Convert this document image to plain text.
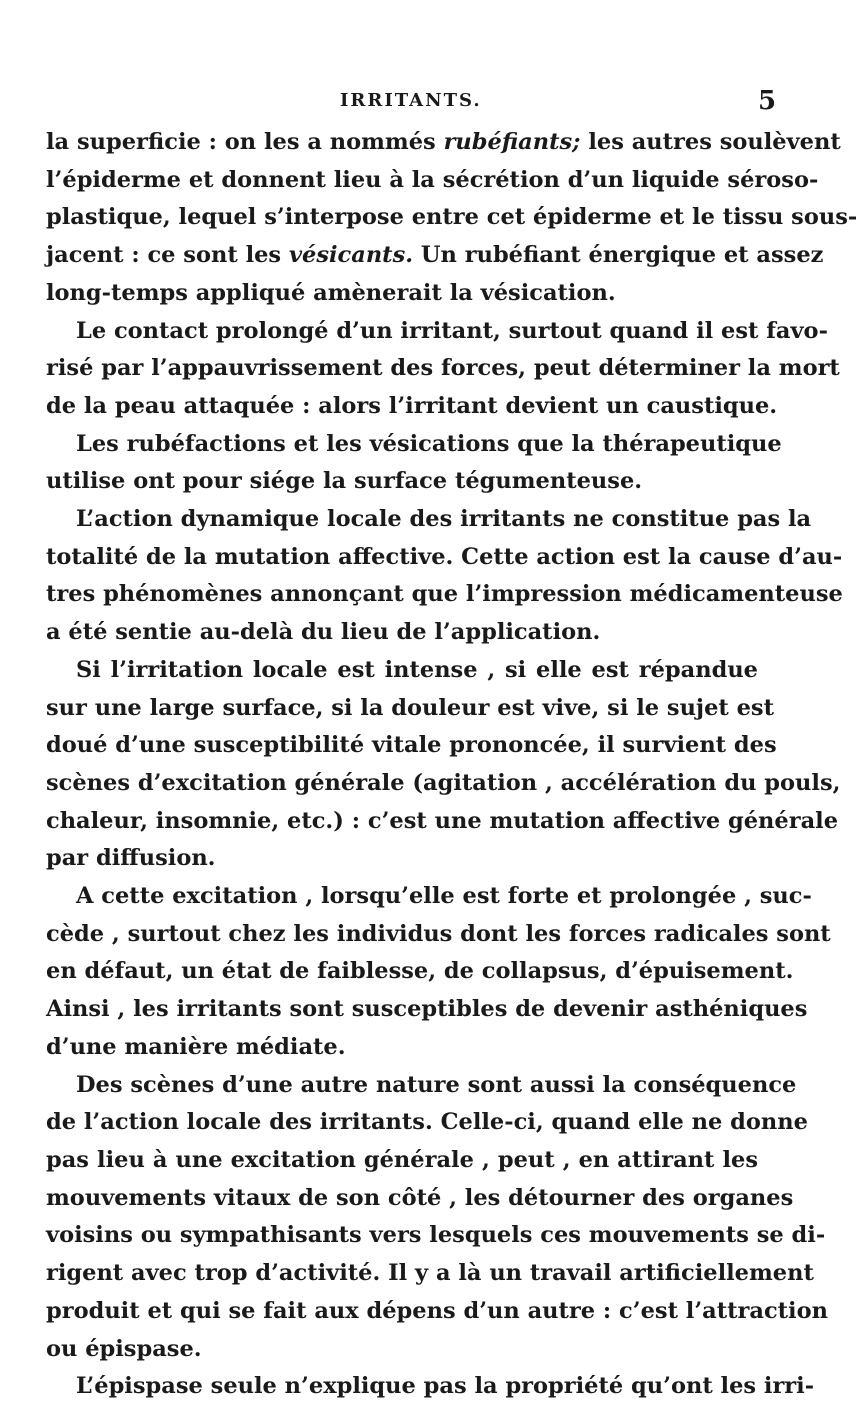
IRRITANTS.	5
la superficie : on les a nommés rubéfiants; les autres soulèvent
l’épiderme et donnent lieu à la sécrétion d’un liquide séroso-
plastique, lequel s’interpose entre cet épiderme et le tissu sous-
jacent : ce sont les vésicants. Un rubéfiant énergique et assez
long-temps appliqué amènerait la vésication.
Le contact prolongé d’un irritant, surtout quand il est favo-
risé par l’appauvrissement des forces, peut déterminer la mort
de la peau attaquée : alors l’irritant devient un caustique.
Les rubéfactions et les vésications que la thérapeutique
utilise ont pour siége la surface tégumenteuse.
L’action dynamique locale des irritants ne constitue pas la
totalité de la mutation affective. Cette action est la cause d’au-
tres phénomènes annonçant que l’impression médicamenteuse
a été sentie au-delà du lieu de l’application.
Si l’irritation locale est intense , si elle est répandue
sur une large surface, si la douleur est vive, si le sujet est
doué d’une susceptibilité vitale prononcée, il survient des
scènes d’excitation générale (agitation , accélération du pouls,
chaleur, insomnie, etc.) : c’est une mutation affective générale
par diffusion.
A cette excitation , lorsqu’elle est forte et prolongée , suc-
cède , surtout chez les individus dont les forces radicales sont
en défaut, un état de faiblesse, de collapsus, d’épuisement.
Ainsi , les irritants sont susceptibles de devenir asthéniques
d’une manière médiate.
Des scènes d’une autre nature sont aussi la conséquence
de l’action locale des irritants. Celle-ci, quand elle ne donne
pas lieu à une excitation générale , peut , en attirant les
mouvements vitaux de son côté , les détourner des organes
voisins ou sympathisants vers lesquels ces mouvements se di-
rigent avec trop d’activité. Il y a là un travail artificiellement
produit et qui se fait aux dépens d’un autre : c’est l’attraction
ou épispase.
L’épispase seule n’explique pas la propriété qu’ont les irri-
